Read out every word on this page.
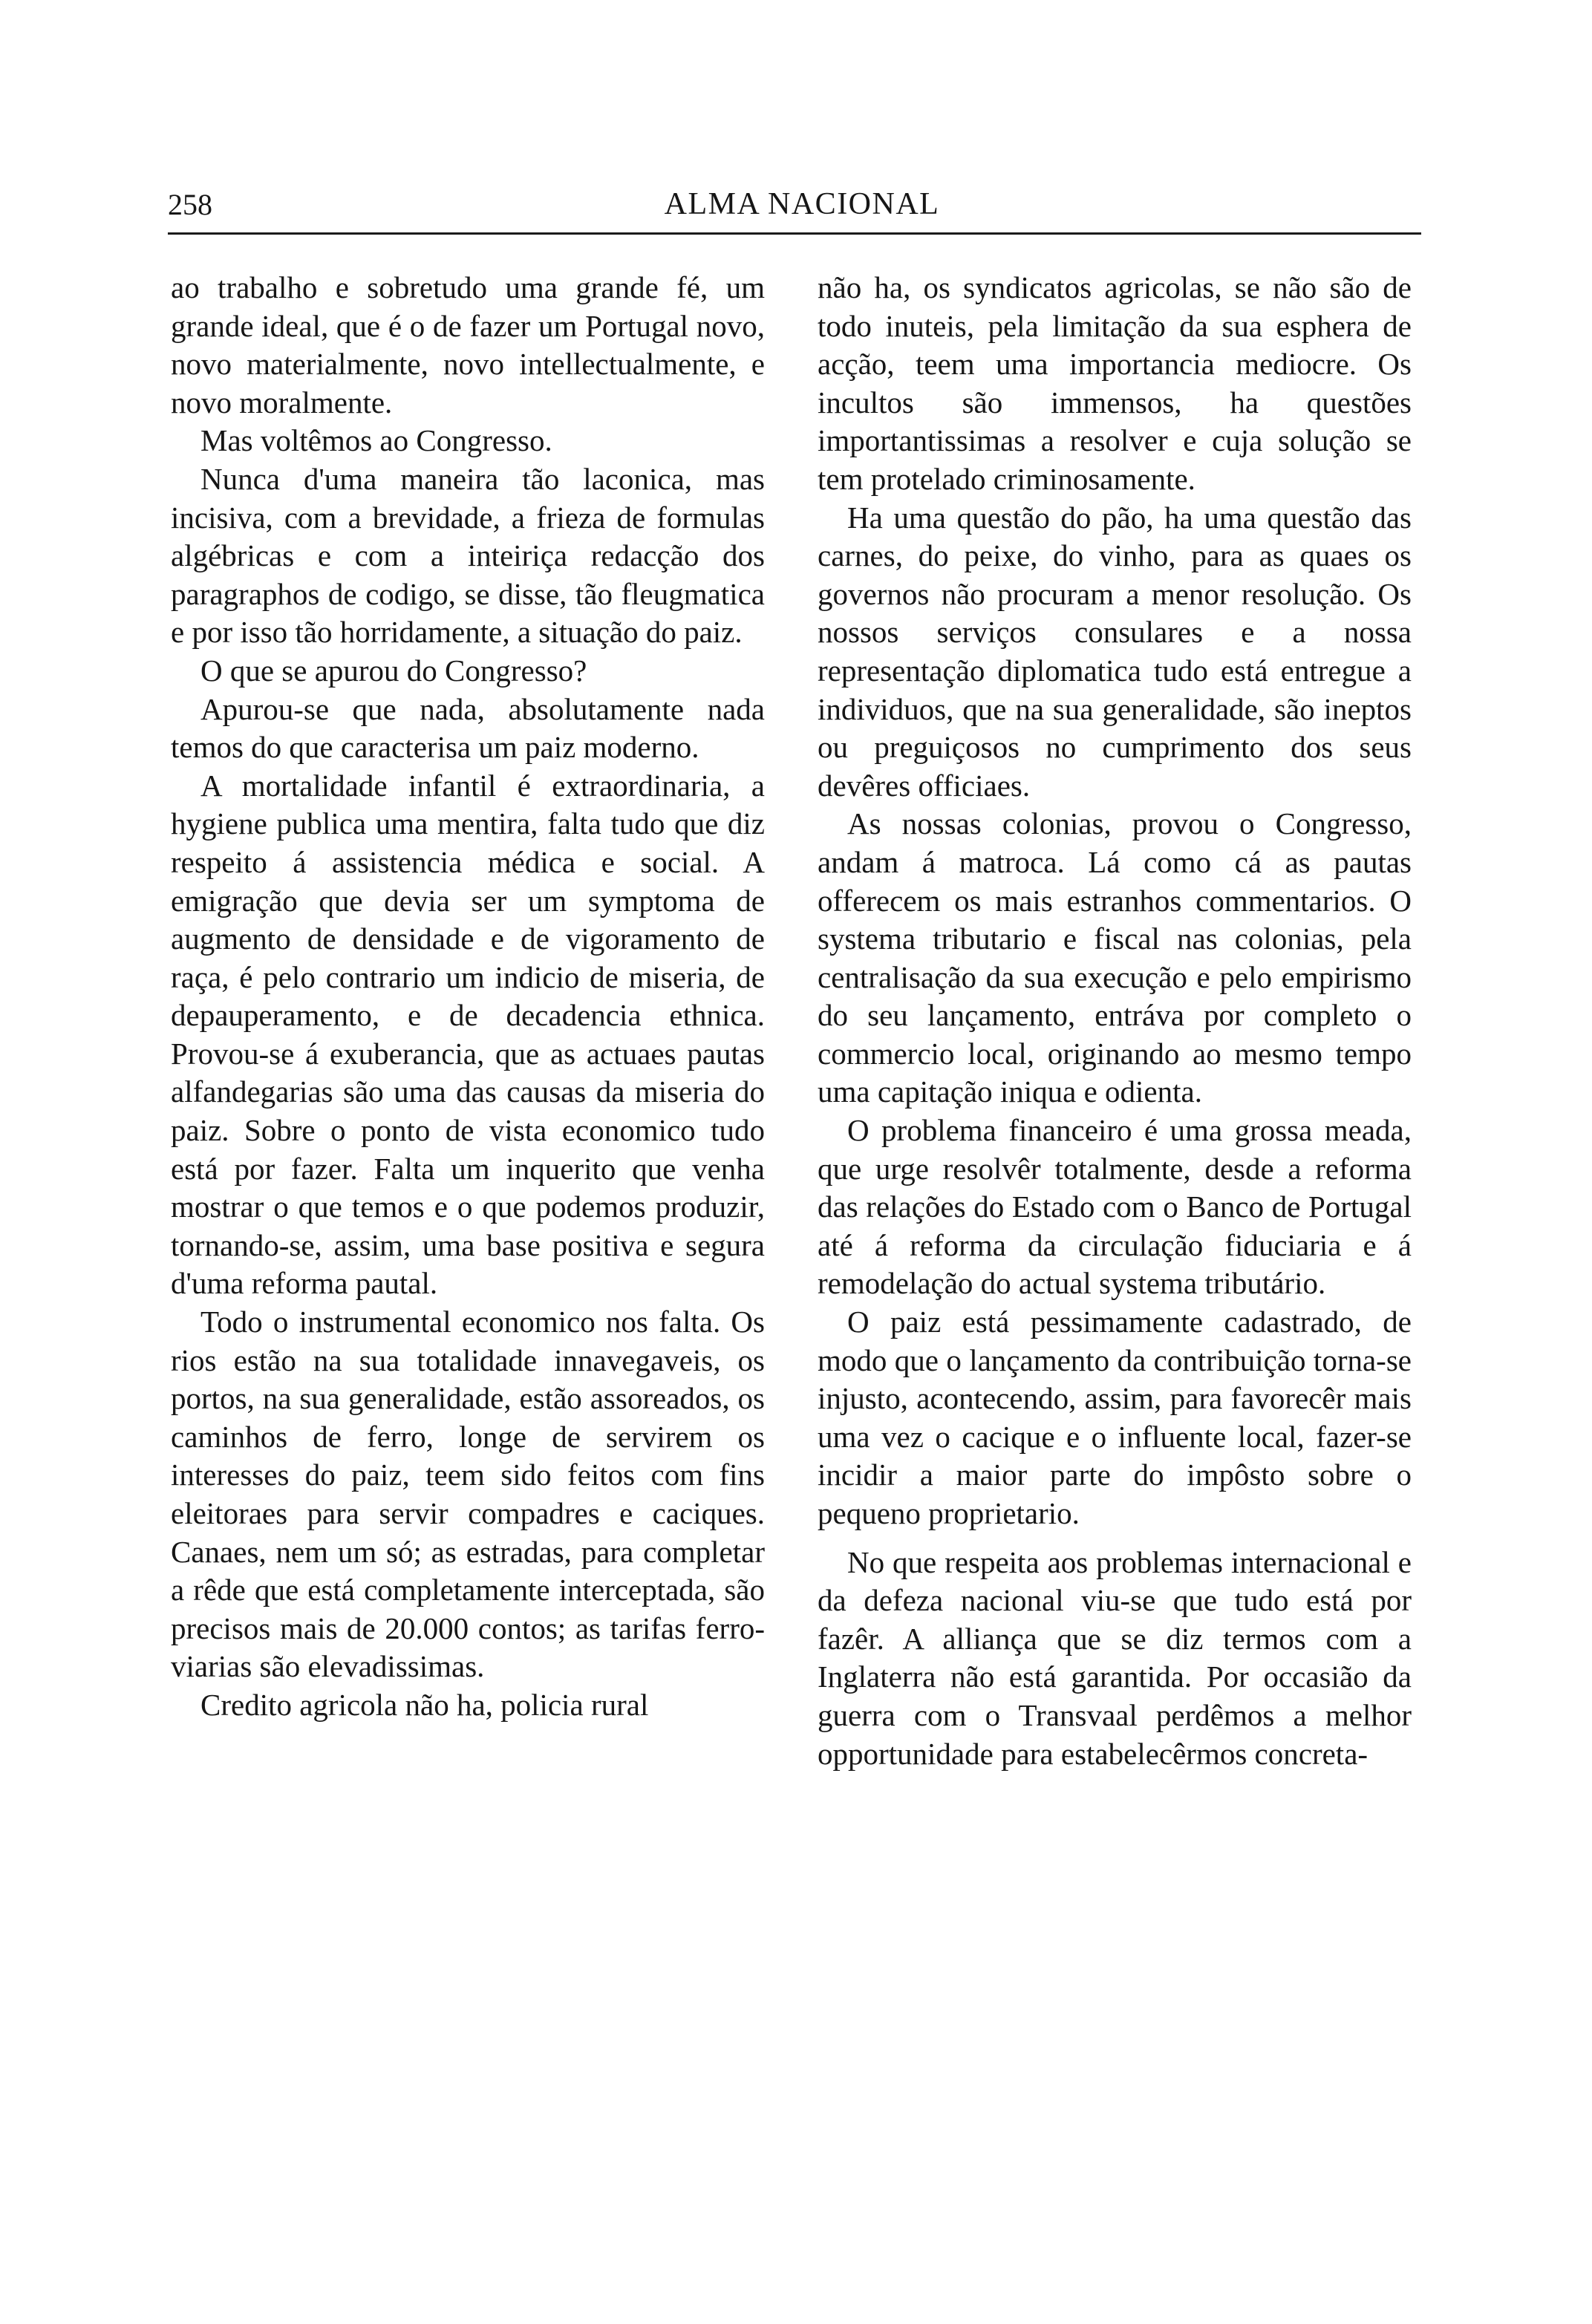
258	ALMA NACIONAL

ao trabalho e sobretudo uma grande fé, um grande ideal, que é o de fazer um Portugal novo, novo materialmente, novo intellectualmente, e novo moralmente.

Mas voltêmos ao Congresso.

Nunca d'uma maneira tão laconica, mas incisiva, com a brevidade, a frieza de formulas algébricas e com a inteiriça redacção dos paragraphos de codigo, se disse, tão fleugmatica e por isso tão horridamente, a situação do paiz.

O que se apurou do Congresso?

Apurou-se que nada, absolutamente nada temos do que caracterisa um paiz moderno.

A mortalidade infantil é extraordinaria, a hygiene publica uma mentira, falta tudo que diz respeito á assistencia médica e social. A emigração que devia ser um symptoma de augmento de densidade e de vigoramento de raça, é pelo contrario um indicio de miseria, de depauperamento, e de decadencia ethnica. Provou-se á exuberancia, que as actuaes pautas alfandegarias são uma das causas da miseria do paiz. Sobre o ponto de vista economico tudo está por fazer. Falta um inquerito que venha mostrar o que temos e o que podemos produzir, tornando-se, assim, uma base positiva e segura d'uma reforma pautal.

Todo o instrumental economico nos falta. Os rios estão na sua totalidade innavegaveis, os portos, na sua generalidade, estão assoreados, os caminhos de ferro, longe de servirem os interesses do paiz, teem sido feitos com fins eleitoraes para servir compadres e caciques. Canaes, nem um só; as estradas, para completar a rêde que está completamente interceptada, são precisos mais de 20.000 contos; as tarifas ferro-viarias são elevadissimas.

Credito agricola não ha, policia rural

não ha, os syndicatos agricolas, se não são de todo inuteis, pela limitação da sua esphera de acção, teem uma importancia mediocre. Os incultos são immensos, ha questões importantissimas a resolver e cuja solução se tem protelado criminosamente.

Ha uma questão do pão, ha uma questão das carnes, do peixe, do vinho, para as quaes os governos não procuram a menor resolução. Os nossos serviços consulares e a nossa representação diplomatica tudo está entregue a individuos, que na sua generalidade, são ineptos ou preguiçosos no cumprimento dos seus devêres officiaes.

As nossas colonias, provou o Congresso, andam á matroca. Lá como cá as pautas offerecem os mais estranhos commentarios. O systema tributario e fiscal nas colonias, pela centralisação da sua execução e pelo empirismo do seu lançamento, entráva por completo o commercio local, originando ao mesmo tempo uma capitação iniqua e odienta.

O problema financeiro é uma grossa meada, que urge resolvêr totalmente, desde a reforma das relações do Estado com o Banco de Portugal até á reforma da circulação fiduciaria e á remodelação do actual systema tributário.

O paiz está pessimamente cadastrado, de modo que o lançamento da contribuição torna-se injusto, acontecendo, assim, para favorecêr mais uma vez o cacique e o influente local, fazer-se incidir a maior parte do impôsto sobre o pequeno proprietario.

No que respeita aos problemas internacional e da defeza nacional viu-se que tudo está por fazêr. A alliança que se diz termos com a Inglaterra não está garantida. Por occasião da guerra com o Transvaal perdêmos a melhor opportunidade para estabelecêrmos concreta-
